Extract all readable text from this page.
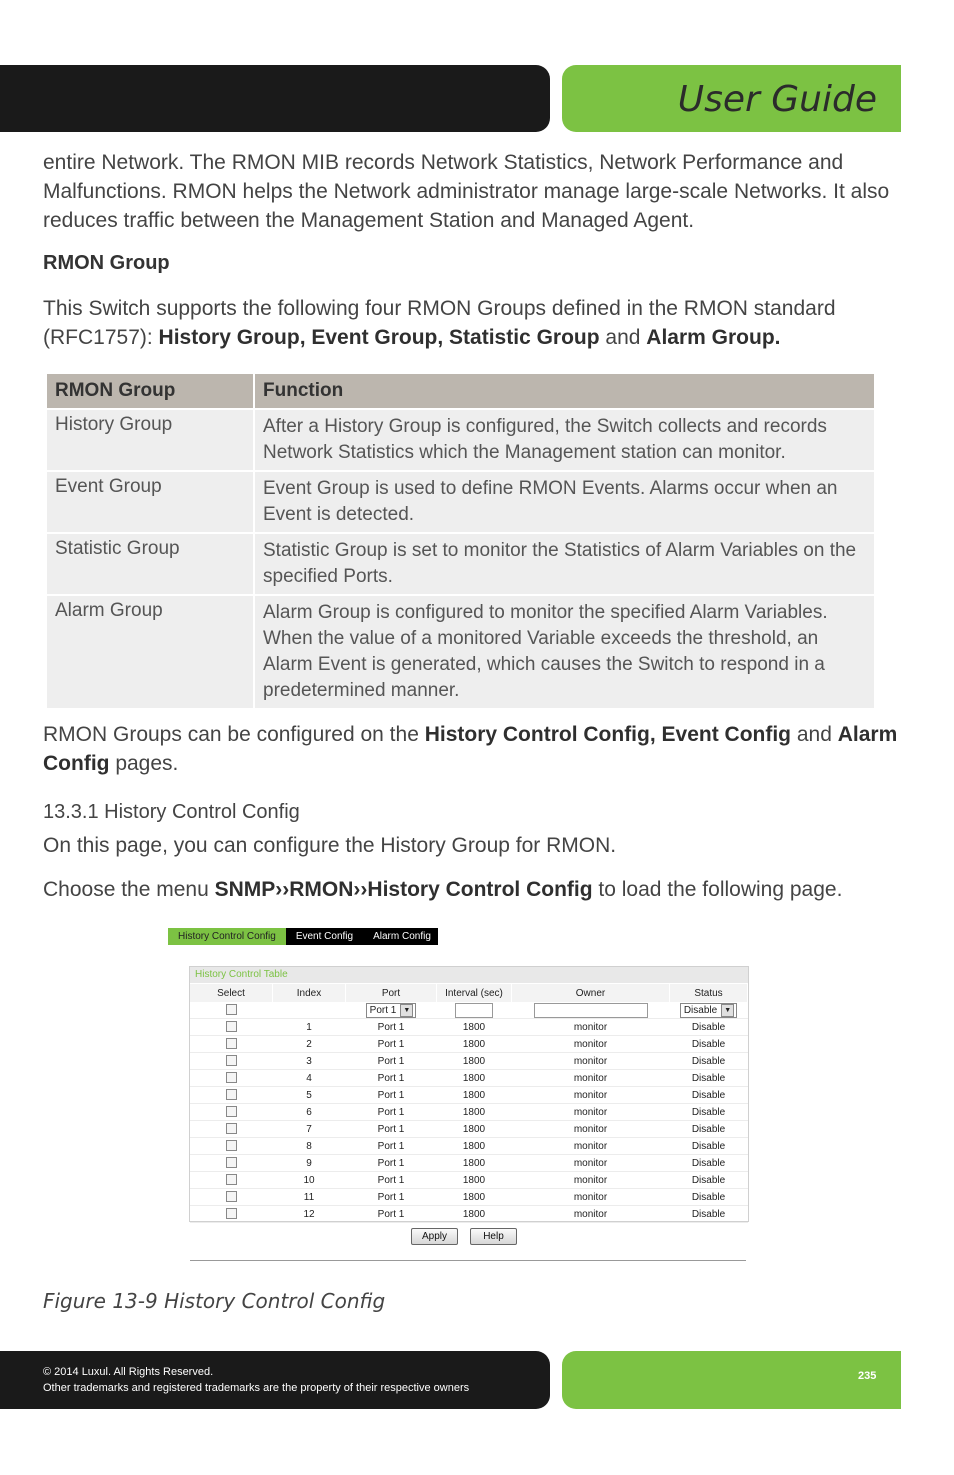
User Guide
entire Network. The RMON MIB records Network Statistics, Network Performance and Malfunctions. RMON helps the Network administrator manage large-scale Networks. It also reduces traffic between the Management Station and Managed Agent.
RMON Group
This Switch supports the following four RMON Groups defined in the RMON standard (RFC1757): History Group, Event Group, Statistic Group and Alarm Group.
RMON Group	Function
History Group	After a History Group is configured, the Switch collects and records Network Statistics which the Management station can monitor.
Event Group	Event Group is used to define RMON Events. Alarms occur when an Event is detected.
Statistic Group	Statistic Group is set to monitor the Statistics of Alarm Variables on the specified Ports.
Alarm Group	Alarm Group is configured to monitor the specified Alarm Variables. When the value of a monitored Variable exceeds the threshold, an Alarm Event is generated, which causes the Switch to respond in a predetermined manner.
RMON Groups can be configured on the History Control Config, Event Config and Alarm Config pages.
13.3.1 History Control Config
On this page, you can configure the History Group for RMON.
Choose the menu SNMP››RMON››History Control Config to load the following page.
History Control Config	Event Config	Alarm Config
History Control Table
Select	Index	Port	Interval (sec)	Owner	Status
		Port 1 ▼			Disable ▼
	1	Port 1	1800	monitor	Disable
	2	Port 1	1800	monitor	Disable
	3	Port 1	1800	monitor	Disable
	4	Port 1	1800	monitor	Disable
	5	Port 1	1800	monitor	Disable
	6	Port 1	1800	monitor	Disable
	7	Port 1	1800	monitor	Disable
	8	Port 1	1800	monitor	Disable
	9	Port 1	1800	monitor	Disable
	10	Port 1	1800	monitor	Disable
	11	Port 1	1800	monitor	Disable
	12	Port 1	1800	monitor	Disable
Apply	Help
Figure 13-9 History Control Config
© 2014 Luxul. All Rights Reserved.
Other trademarks and registered trademarks are the property of their respective owners
235
